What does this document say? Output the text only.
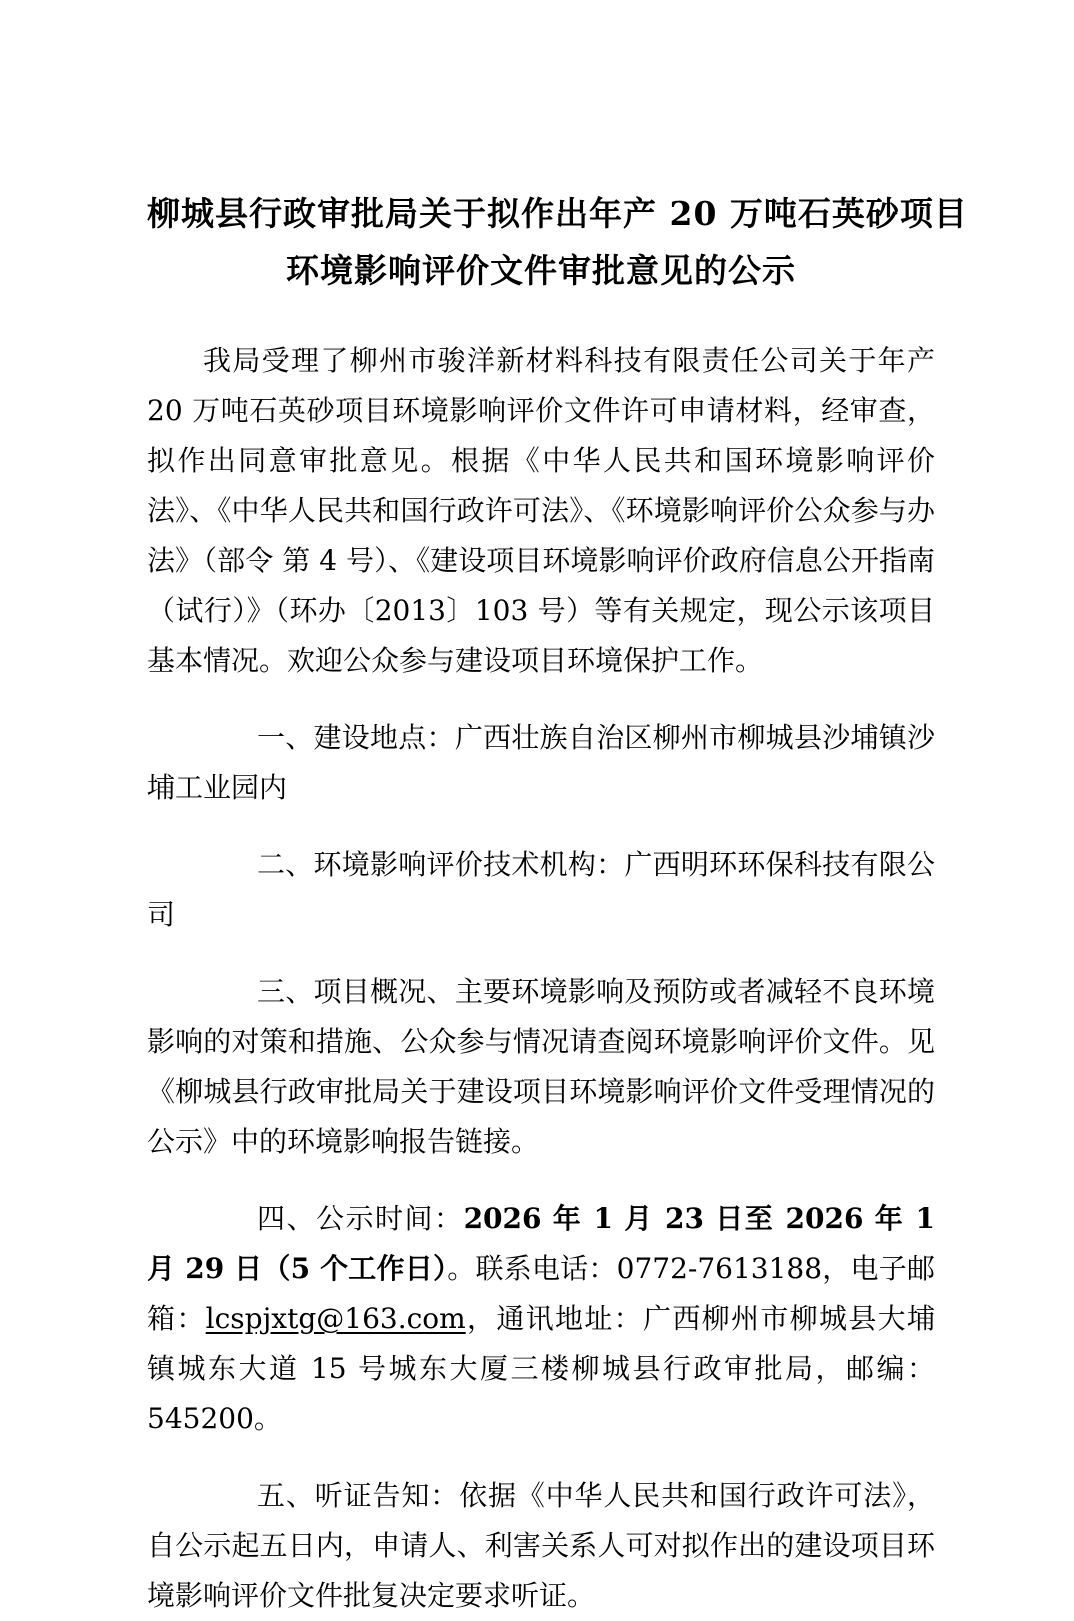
柳城县行政审批局关于拟作出年产 20 万吨石英砂项目
环境影响评价文件审批意见的公示

我局受理了柳州市骏洋新材料科技有限责任公司关于年产 20 万吨石英砂项目环境影响评价文件许可申请材料，经审查，拟作出同意审批意见。根据《中华人民共和国环境影响评价法》、《中华人民共和国行政许可法》、《环境影响评价公众参与办法》（部令 第 4 号）、《建设项目环境影响评价政府信息公开指南（试行）》（环办〔2013〕103 号）等有关规定，现公示该项目基本情况。欢迎公众参与建设项目环境保护工作。

一、建设地点：广西壮族自治区柳州市柳城县沙埔镇沙埔工业园内

二、环境影响评价技术机构：广西明环环保科技有限公司

三、项目概况、主要环境影响及预防或者减轻不良环境影响的对策和措施、公众参与情况请查阅环境影响评价文件。见《柳城县行政审批局关于建设项目环境影响评价文件受理情况的公示》中的环境影响报告链接。

四、公示时间：2026 年 1 月 23 日至 2026 年 1 月 29 日（5 个工作日）。联系电话：0772-7613188，电子邮箱：lcspjxtg@163.com，通讯地址：广西柳州市柳城县大埔镇城东大道 15 号城东大厦三楼柳城县行政审批局，邮编：545200。

五、听证告知：依据《中华人民共和国行政许可法》，自公示起五日内，申请人、利害关系人可对拟作出的建设项目环境影响评价文件批复决定要求听证。
